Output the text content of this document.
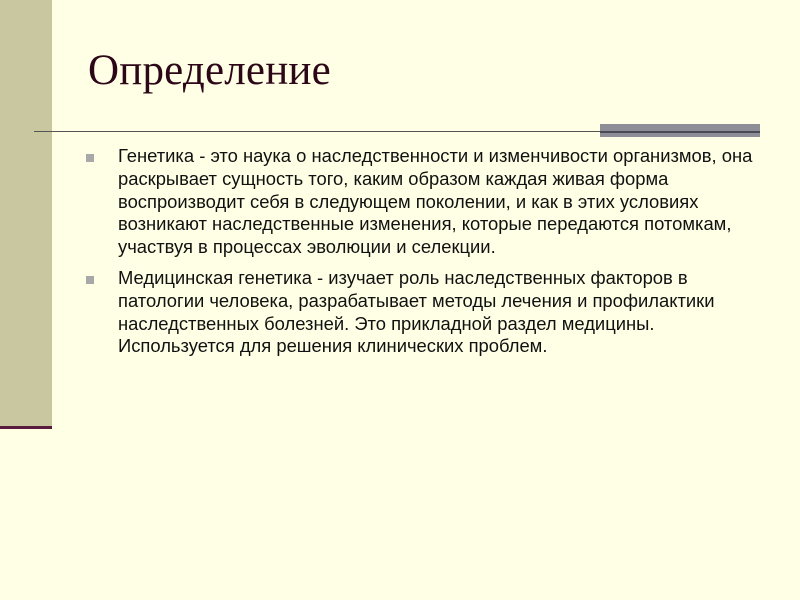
Определение
Генетика - это наука о наследственности и изменчивости организмов, она раскрывает сущность того, каким образом каждая живая форма воспроизводит себя в следующем поколении, и как в этих условиях возникают наследственные изменения, которые передаются потомкам, участвуя в процессах эволюции и селекции.
Медицинская генетика - изучает роль наследственных факторов в патологии человека, разрабатывает методы лечения и профилактики наследственных болезней. Это прикладной раздел медицины. Используется для решения клинических проблем.
